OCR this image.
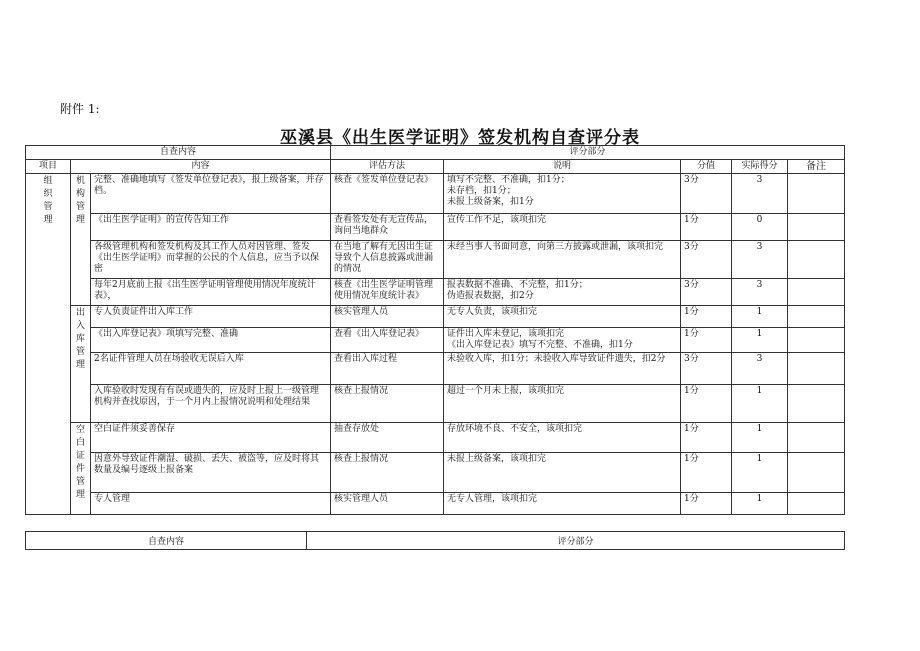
附件 1:
巫溪县《出生医学证明》签发机构自查评分表
自查内容			评分部分				
项目	内容		评估方法	说明	分值	实际得分	备注
组织管理	机构管理	完整、准确地填写《签发单位登记表》，报上级备案，并存档。	核查《签发单位登记表》	填写不完整、不准确，扣1分；
未存档，扣1分；
未报上级备案，扣1分	3分	3	
		《出生医学证明》的宣传告知工作	查看签发处有无宣传品，询问当地群众	宣传工作不足，该项扣完	1分	0	
		各级管理机构和签发机构及其工作人员对因管理、签发《出生医学证明》而掌握的公民的个人信息，应当予以保密	在当地了解有无因出生证导致个人信息披露或泄漏的情况	未经当事人书面同意，向第三方披露或泄漏，该项扣完	3分	3	
		每年2月底前上报《出生医学证明管理使用情况年度统计表》，	核查《出生医学证明管理使用情况年度统计表》	报表数据不准确、不完整，扣1分；
伪造报表数据，扣2分	3分	3	
	出入库管理	专人负责证件出入库工作	核实管理人员	无专人负责，该项扣完	1分	1	
		《出入库登记表》项填写完整、准确	查看《出入库登记表》	证件出入库未登记，该项扣完
《出入库登记表》填写不完整、不准确，扣1分	1分	1	
		2名证件管理人员在场验收无误后入库	查看出入库过程	未验收入库，扣1分；未验收入库导致证件遗失，扣2分	3分	3	
		入库验收时发现有有误或遗失的，应及时上报上一级管理机构并查找原因，于一个月内上报情况说明和处理结果	核查上报情况	超过一个月未上报，该项扣完	1分	1	
	空白证件管理	空白证件须妥善保存	抽查存放处	存放环境不良、不安全，该项扣完	1分	1	
		因意外导致证件潮湿、破损、丢失、被盗等，应及时将其数量及编号逐级上报备案	核查上报情况	未报上级备案，该项扣完	1分	1	
		专人管理	核实管理人员	无专人管理，该项扣完	1分	1	
自查内容	评分部分
